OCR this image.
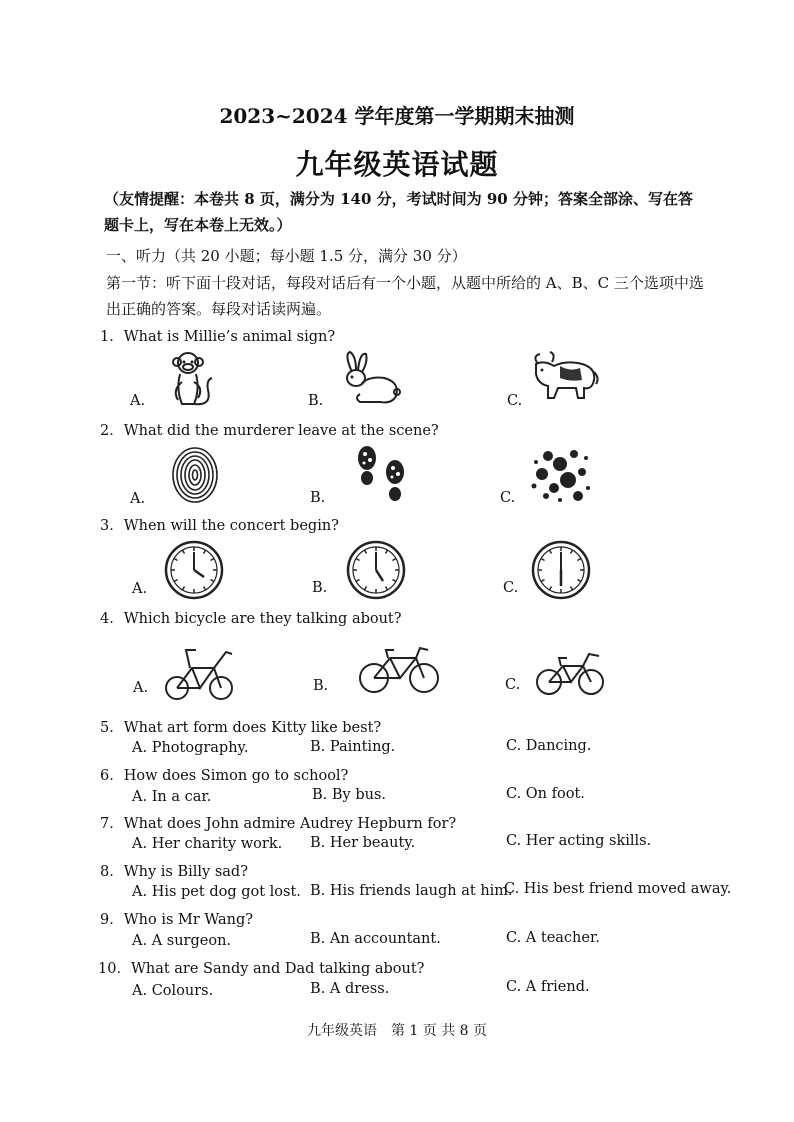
2023~2024 学年度第一学期期末抽测
九年级英语试题
（友情提醒：本卷共 8 页，满分为 140 分，考试时间为 90 分钟；答案全部涂、写在答题卡上，写在本卷上无效。）
一、听力（共 20 小题；每小题 1.5 分，满分 30 分）
第一节：听下面十段对话，每段对话后有一个小题，从题中所给的 A、B、C 三个选项中选出正确的答案。每段对话读两遍。
1．What is Millie’s animal sign?
A.	B.	C.
2．What did the murderer leave at the scene?
A.	B.	C.
3．When will the concert begin?
A.	B.	C.
4．Which bicycle are they talking about?
A.	B.	C.
5．What art form does Kitty like best?
A. Photography.	B. Painting.	C. Dancing.
6．How does Simon go to school?
A. In a car.	B. By bus.	C. On foot.
7．What does John admire Audrey Hepburn for?
A. Her charity work. B. Her beauty.	C. Her acting skills.
8．Why is Billy sad?
A. His pet dog got lost. B. His friends laugh at him.
C. His best friend moved away.
9．Who is Mr Wang?
A. A surgeon.	B. An accountant.	C. A teacher.
10．What are Sandy and Dad talking about?
A. Colours.	B. A dress.	C. A friend.
九年级英语　第 1 页 共 8 页
